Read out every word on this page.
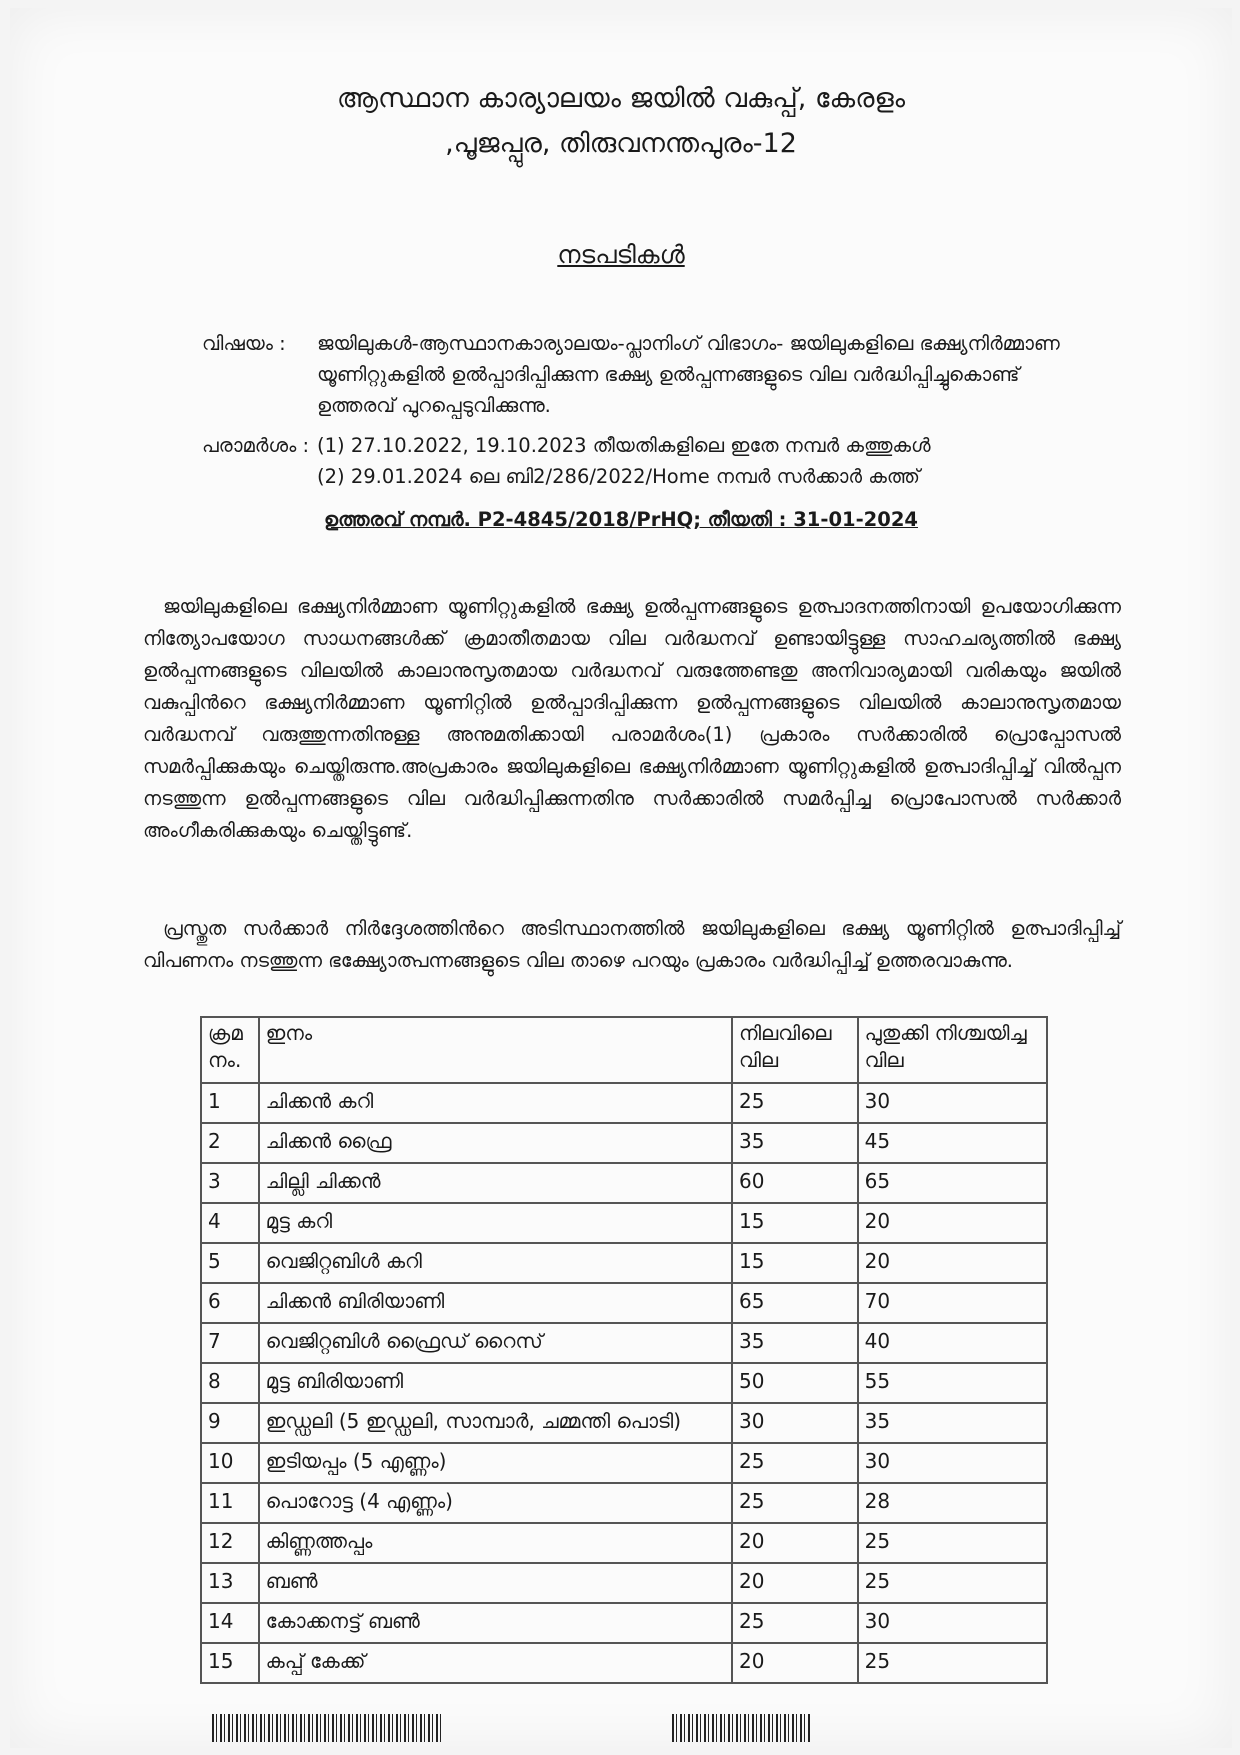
ആസ്ഥാന കാര്യാലയം ജയിൽ വകുപ്പ്, കേരളം
,പൂജപ്പുര, തിരുവനന്തപുരം-12
നടപടികൾ
വിഷയം : ജയിലുകൾ-ആസ്ഥാനകാര്യാലയം-പ്ലാനിംഗ് വിഭാഗം- ജയിലുകളിലെ ഭക്ഷ്യനിർമ്മാണ യൂണിറ്റുകളിൽ ഉൽപ്പാദിപ്പിക്കുന്ന ഭക്ഷ്യ ഉൽപ്പന്നങ്ങളുടെ വില വർദ്ധിപ്പിച്ചുകൊണ്ട് ഉത്തരവ് പുറപ്പെടുവിക്കുന്നു.
പരാമർശം : (1) 27.10.2022, 19.10.2023 തീയതികളിലെ ഇതേ നമ്പർ കത്തുകൾ
(2) 29.01.2024 ലെ ബി2/286/2022/Home നമ്പർ സർക്കാർ കത്ത്
ഉത്തരവ് നമ്പർ. P2-4845/2018/PrHQ; തീയതി : 31-01-2024
ജയിലുകളിലെ ഭക്ഷ്യനിർമ്മാണ യൂണിറ്റുകളിൽ ഭക്ഷ്യ ഉൽപ്പന്നങ്ങളുടെ ഉത്പാദനത്തിനായി ഉപയോഗിക്കുന്ന നിത്യോപയോഗ സാധനങ്ങൾക്ക് ക്രമാതീതമായ വില വർദ്ധനവ് ഉണ്ടായിട്ടുള്ള സാഹചര്യത്തിൽ ഭക്ഷ്യ ഉൽപ്പന്നങ്ങളുടെ വിലയിൽ കാലാനുസൃതമായ വർദ്ധനവ് വരുത്തേണ്ടതു അനിവാര്യമായി വരികയും ജയിൽ വകുപ്പിൻറെ ഭക്ഷ്യനിർമ്മാണ യൂണിറ്റിൽ ഉൽപ്പാദിപ്പിക്കുന്ന ഉൽപ്പന്നങ്ങളുടെ വിലയിൽ കാലാനുസൃതമായ വർദ്ധനവ് വരുത്തുന്നതിനുള്ള അനുമതിക്കായി പരാമർശം(1) പ്രകാരം സർക്കാരിൽ പ്രൊപ്പോസൽ സമർപ്പിക്കുകയും ചെയ്തിരുന്നു.അപ്രകാരം ജയിലുകളിലെ ഭക്ഷ്യനിർമ്മാണ യൂണിറ്റുകളിൽ ഉത്പാദിപ്പിച്ച് വിൽപ്പന നടത്തുന്ന ഉൽപ്പന്നങ്ങളുടെ വില വർദ്ധിപ്പിക്കുന്നതിനു സർക്കാരിൽ സമർപ്പിച്ച പ്രൊപോസൽ സർക്കാർ അംഗീകരിക്കുകയും ചെയ്തിട്ടുണ്ട്.
പ്രസ്തുത സർക്കാർ നിർദ്ദേശത്തിൻറെ അടിസ്ഥാനത്തിൽ ജയിലുകളിലെ ഭക്ഷ്യ യൂണിറ്റിൽ ഉത്പാദിപ്പിച്ച് വിപണനം നടത്തുന്ന ഭക്ഷ്യോത്പന്നങ്ങളുടെ വില താഴെ പറയും പ്രകാരം വർദ്ധിപ്പിച്ച് ഉത്തരവാകുന്നു.
ക്രമ നം.	ഇനം	നിലവിലെ വില	പുതുക്കി നിശ്ചയിച്ച വില
1	ചിക്കൻ കറി	25	30
2	ചിക്കൻ ഫ്രൈ	35	45
3	ചില്ലി ചിക്കൻ	60	65
4	മുട്ട കറി	15	20
5	വെജിറ്റബിൾ കറി	15	20
6	ചിക്കൻ ബിരിയാണി	65	70
7	വെജിറ്റബിൾ ഫ്രൈഡ് റൈസ്	35	40
8	മുട്ട ബിരിയാണി	50	55
9	ഇഡ്ഡലി (5 ഇഡ്ഡലി, സാമ്പാർ, ചമ്മന്തി പൊടി)	30	35
10	ഇടിയപ്പം (5 എണ്ണം)	25	30
11	പൊറോട്ട (4 എണ്ണം)	25	28
12	കിണ്ണത്തപ്പം	20	25
13	ബൺ	20	25
14	കോക്കനട്ട് ബൺ	25	30
15	കപ്പ് കേക്ക്	20	25
